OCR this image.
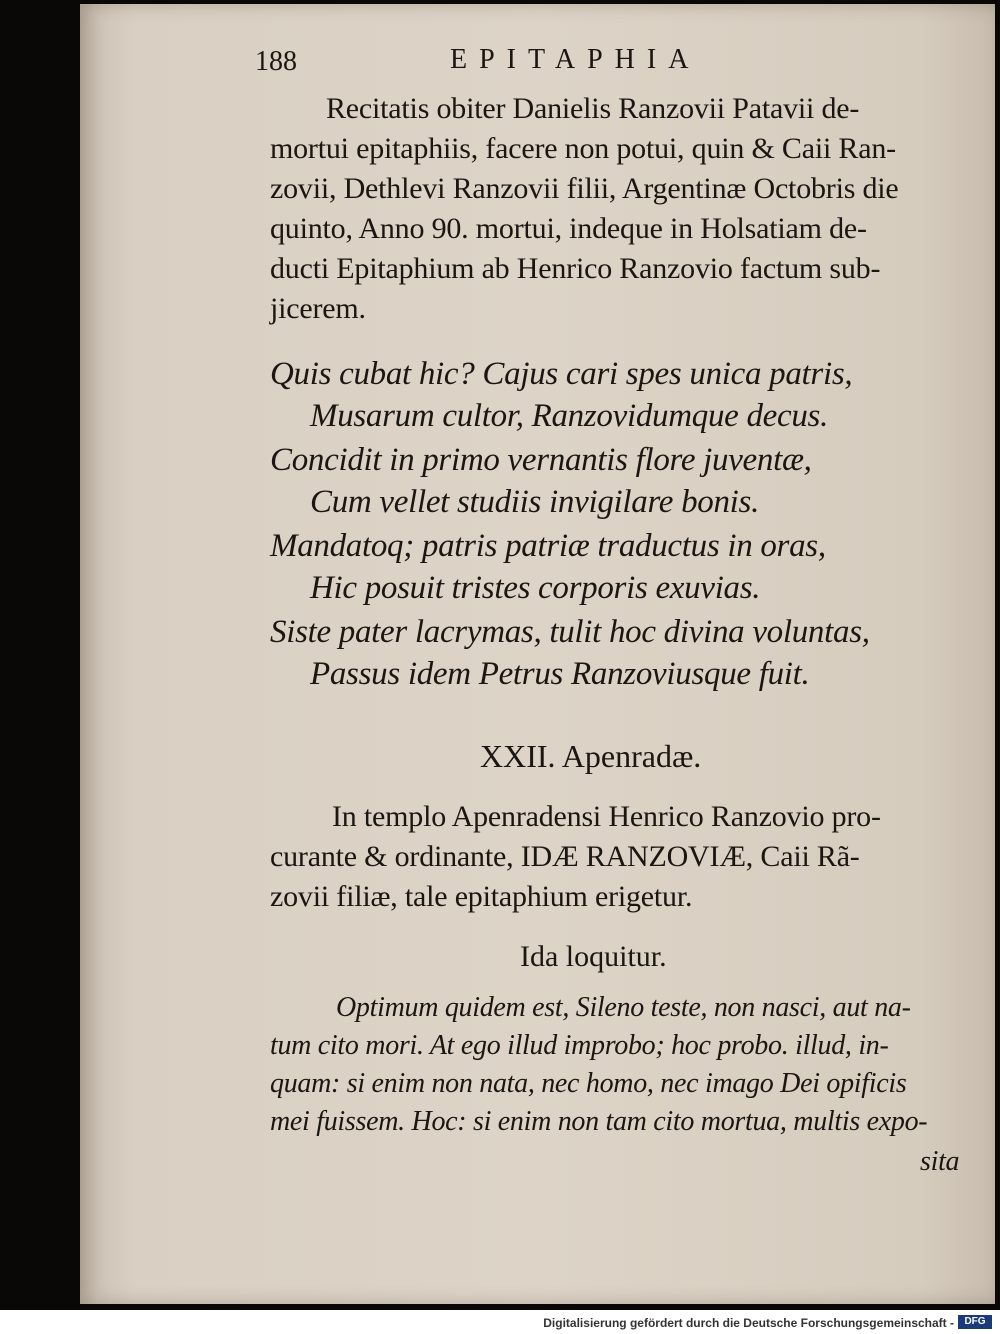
188	EPITAPHIA
Recitatis obiter Danielis Ranzovii Patavii de-
mortui epitaphiis, facere non potui, quin & Caii Ran-
zovii, Dethlevi Ranzovii filii, Argentinæ Octobris die
quinto, Anno 90. mortui, indeque in Holsatiam de-
ducti Epitaphium ab Henrico Ranzovio factum sub-
jicerem.
Quis cubat hic? Cajus cari spes unica patris,
Musarum cultor, Ranzovidumque decus.
Concidit in primo vernantis flore juventæ,
Cum vellet studiis invigilare bonis.
Mandatoq; patris patriæ traductus in oras,
Hic posuit tristes corporis exuvias.
Siste pater lacrymas, tulit hoc divina voluntas,
Passus idem Petrus Ranzoviusque fuit.
XXII. Apenradæ.
In templo Apenradensi Henrico Ranzovio pro-
curante & ordinante, IDÆ RANZOVIÆ, Caii Rã-
zovii filiæ, tale epitaphium erigetur.
Ida loquitur.
Optimum quidem est, Sileno teste, non nasci, aut na-
tum cito mori. At ego illud improbo; hoc probo. illud, in-
quam: si enim non nata, nec homo, nec imago Dei opificis
mei fuissem. Hoc: si enim non tam cito mortua, multis expo-
sita
Digitalisierung gefördert durch die Deutsche Forschungsgemeinschaft -	DFG
